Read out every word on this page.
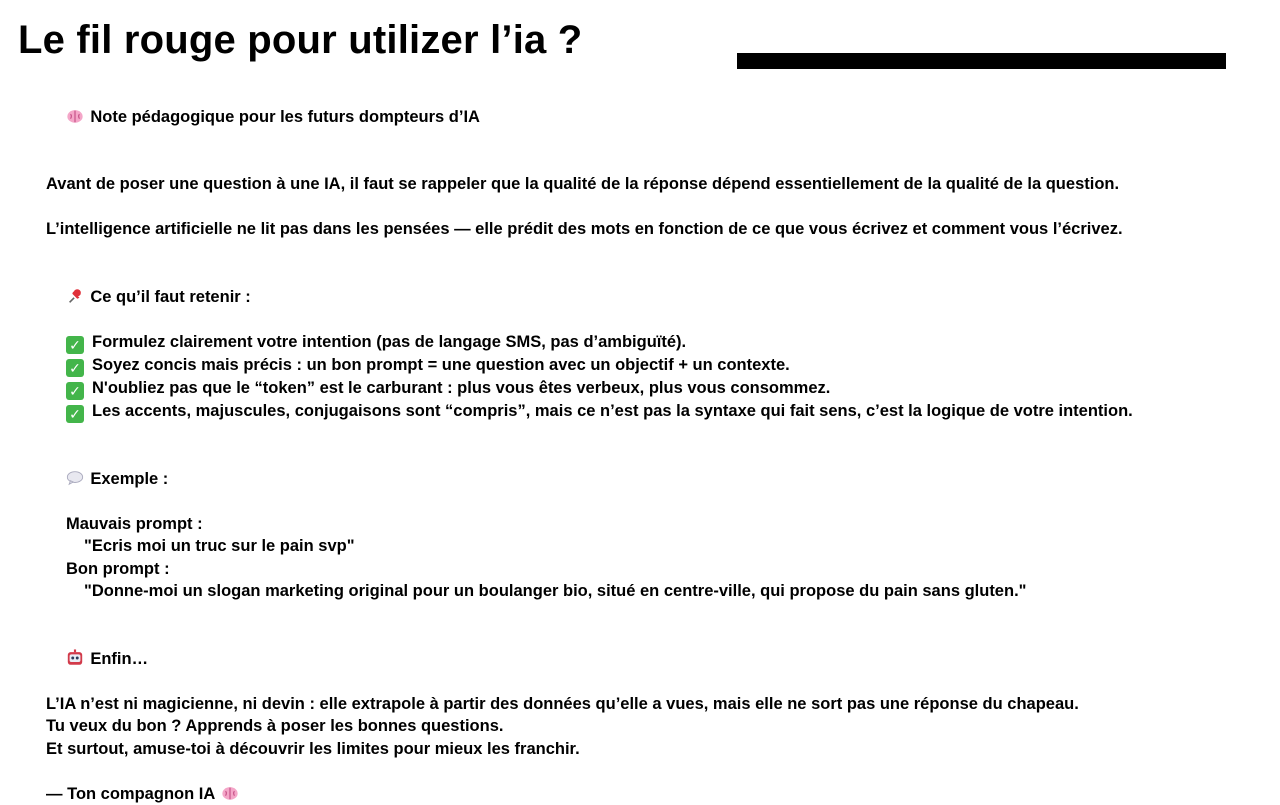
Le fil rouge pour utilizer l’ia ?

Note pédagogique pour les futurs dompteurs d’IA

Avant de poser une question à une IA, il faut se rappeler que la qualité de la réponse dépend essentiellement de la qualité de la question.
L’intelligence artificielle ne lit pas dans les pensées — elle prédit des mots en fonction de ce que vous écrivez et comment vous l’écrivez.

Ce qu’il faut retenir :

✓ Formulez clairement votre intention (pas de langage SMS, pas d’ambiguïté).
✓ Soyez concis mais précis : un bon prompt = une question avec un objectif + un contexte.
✓ N'oubliez pas que le “token” est le carburant : plus vous êtes verbeux, plus vous consommez.
✓ Les accents, majuscules, conjugaisons sont “compris”, mais ce n’est pas la syntaxe qui fait sens, c’est la logique de votre intention.

Exemple :

Mauvais prompt :
"Ecris moi un truc sur le pain svp"
Bon prompt :
"Donne-moi un slogan marketing original pour un boulanger bio, situé en centre-ville, qui propose du pain sans gluten."

Enfin…

L’IA n’est ni magicienne, ni devin : elle extrapole à partir des données qu’elle a vues, mais elle ne sort pas une réponse du chapeau.
Tu veux du bon ? Apprends à poser les bonnes questions.
Et surtout, amuse-toi à découvrir les limites pour mieux les franchir.
— Ton compagnon IA
